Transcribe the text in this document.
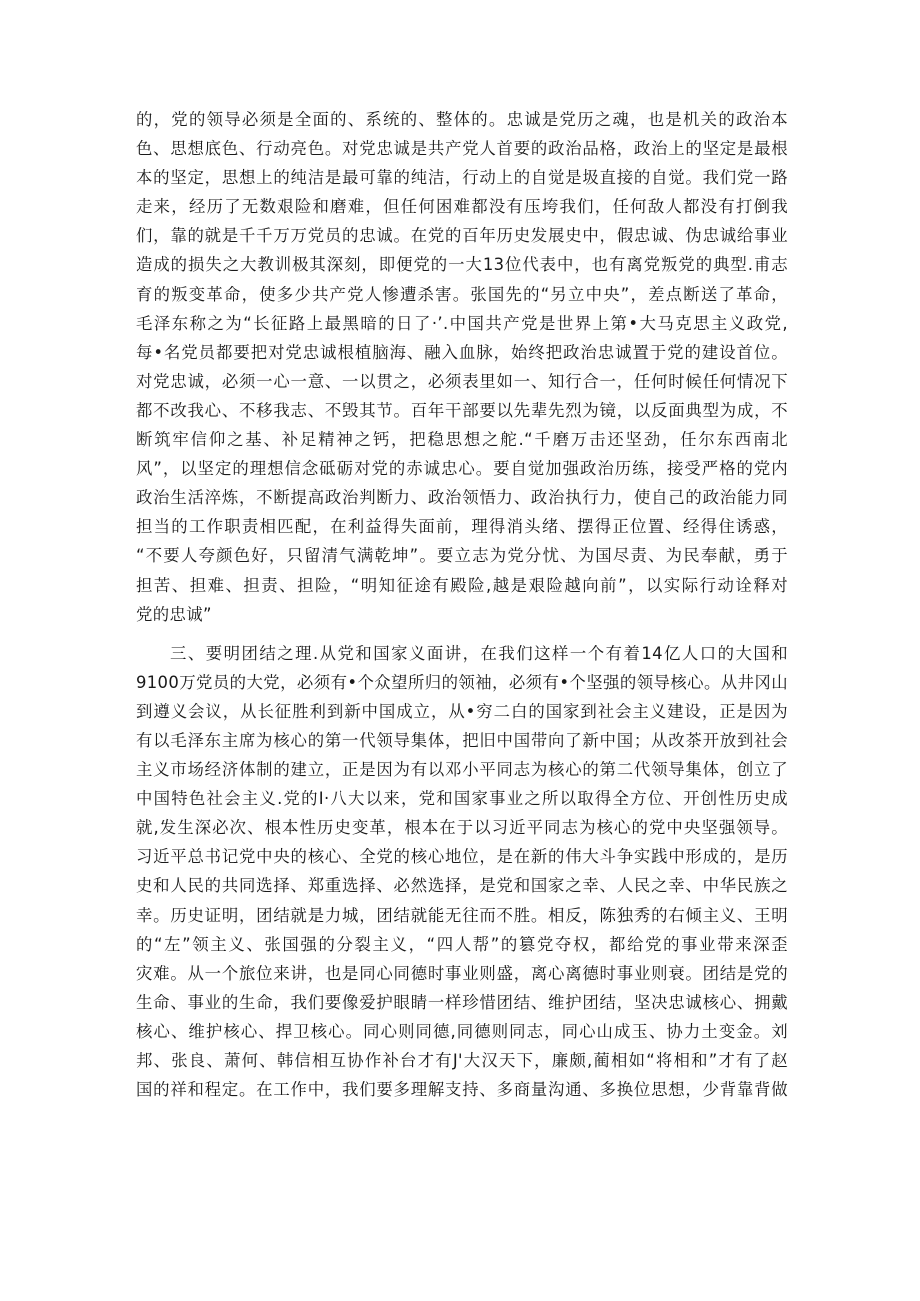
的，党的领导必须是全面的、系统的、整体的。忠诚是党历之魂，也是机关的政治本
色、思想底色、行动亮色。对党忠诚是共产党人首要的政治品格，政治上的坚定是最根
本的坚定，思想上的纯洁是最可靠的纯洁，行动上的自觉是圾直接的自觉。我们党一路
走来，经历了无数艰险和磨难，但任何困难都没有压垮我们，任何敌人都没有打倒我
们，靠的就是千千万万党员的忠诚。在党的百年历史发展史中，假忠诚、伪忠诚给事业
造成的损失之大教训极其深刻，即便党的一大13位代表中，也有离党叛党的典型.甫志
育的叛变革命，使多少共产党人惨遭杀害。张国先的“另立中央”，差点断送了革命，
毛泽东称之为“长征路上最黑暗的日了·’.中国共产党是世界上第•大马克思主义政党,
每•名党员都要把对党忠诚根植脑海、融入血脉，始终把政治忠诚置于党的建设首位。
对党忠诚，必须一心一意、一以贯之，必须表里如一、知行合一，任何时候任何情况下
都不改我心、不移我志、不毁其节。百年干部要以先辈先烈为镜，以反面典型为成，不
断筑牢信仰之基、补足精神之钙，把稳思想之舵.“千磨万击还坚劲，任尔东西南北
风”，以坚定的理想信念砥砺对党的赤诚忠心。要自觉加强政治历练，接受严格的党内
政治生活淬炼，不断提高政治判断力、政治领悟力、政治执行力，使自己的政治能力同
担当的工作职责相匹配，在利益得失面前，理得消头绪、摆得正位置、经得住诱惑，
“不要人夸颜色好，只留清气满乾坤”。要立志为党分忧、为国尽责、为民奉献，勇于
担苦、担难、担责、担险，“明知征途有殿险,越是艰险越向前”，以实际行动诠释对
党的忠诚”
三、要明团结之理.从党和国家义面讲，在我们这样一个有着14亿人口的大国和
9100万党员的大党，必须有•个众望所归的领袖，必须有•个坚强的领导核心。从井冈山
到遵义会议，从长征胜利到新中国成立，从•穷二白的国家到社会主义建设，正是因为
有以毛泽东主席为核心的第一代领导集体，把旧中国带向了新中国；从改茶开放到社会
主义市场经济体制的建立，正是因为有以邓小平同志为核心的第二代领导集体，创立了
中国特色社会主义.党的I·八大以来，党和国家事业之所以取得全方位、开创性历史成
就,发生深必次、根本性历史变革，根本在于以习近平同志为核心的党中央坚强领导。
习近平总书记党中央的核心、全党的核心地位，是在新的伟大斗争实践中形成的，是历
史和人民的共同选择、郑重选择、必然选择，是党和国家之幸、人民之幸、中华民族之
幸。历史证明，团结就是力城，团结就能无往而不胜。相反，陈独秀的右倾主义、王明
的“左”领主义、张国强的分裂主义，“四人帮”的篡党夺权，都给党的事业带来深歪
灾难。从一个旅位来讲，也是同心同德时事业则盛，离心离德时事业则衰。团结是党的
生命、事业的生命，我们要像爱护眼睛一样珍惜团结、维护团结，坚决忠诚核心、拥戴
核心、维护核心、捍卫核心。同心则同德,同德则同志，同心山成玉、协力土变金。刘
邦、张良、萧何、韩信相互协作补台才有J'大汉天下，廉颇,蔺相如“将相和”才有了赵
国的祥和程定。在工作中，我们要多理解支持、多商量沟通、多换位思想，少背靠背做
